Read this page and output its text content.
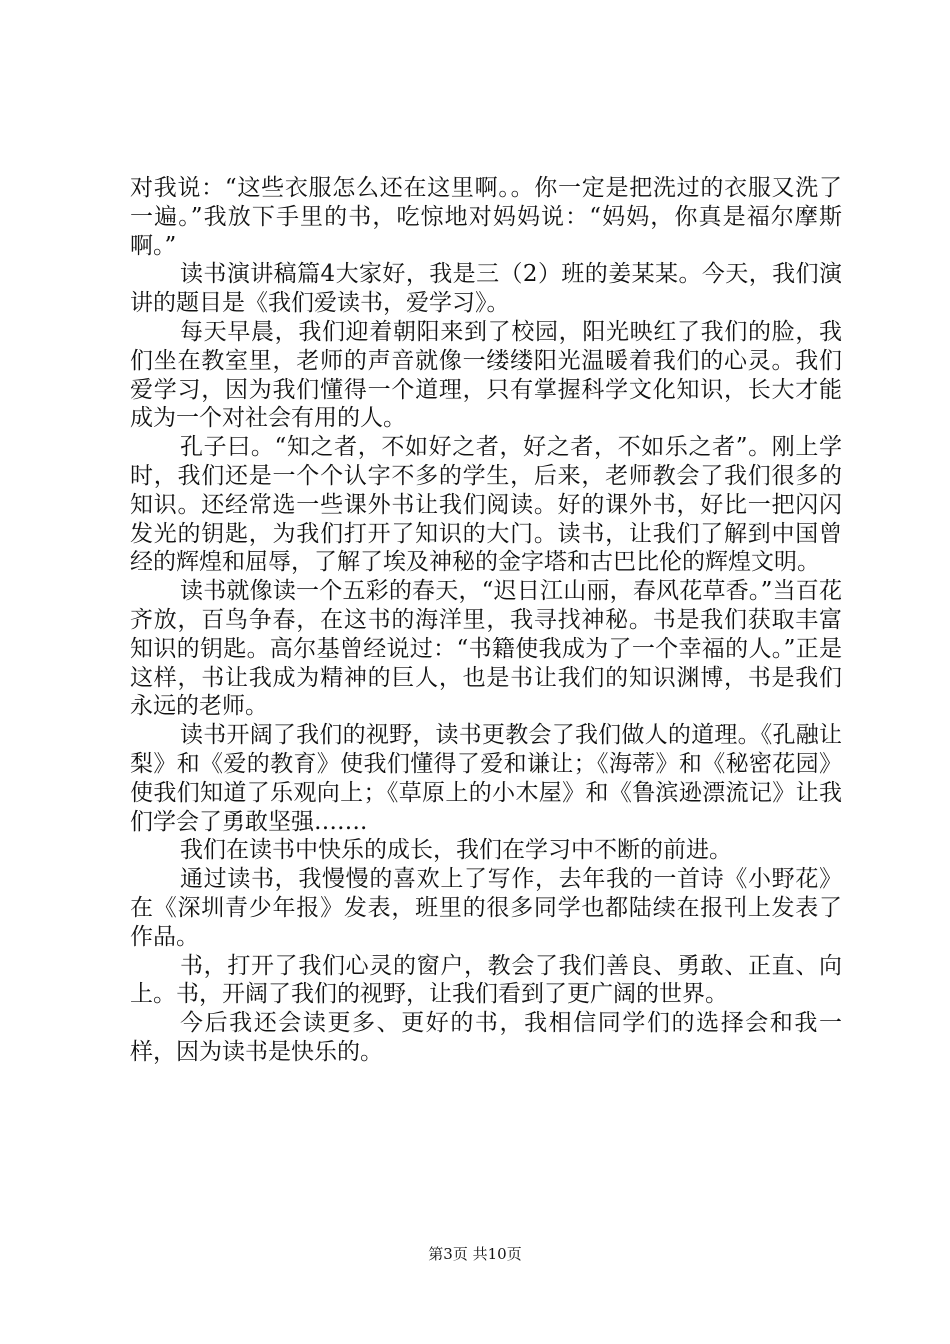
对我说：“这些衣服怎么还在这里啊。。你一定是把洗过的衣服又洗了一遍。”我放下手里的书，吃惊地对妈妈说：“妈妈，你真是福尔摩斯啊。”

读书演讲稿篇4大家好，我是三（2）班的姜某某。今天，我们演讲的题目是《我们爱读书，爱学习》。

每天早晨，我们迎着朝阳来到了校园，阳光映红了我们的脸，我们坐在教室里，老师的声音就像一缕缕阳光温暖着我们的心灵。我们爱学习，因为我们懂得一个道理，只有掌握科学文化知识，长大才能成为一个对社会有用的人。

孔子曰。“知之者，不如好之者，好之者，不如乐之者”。刚上学时，我们还是一个个认字不多的学生，后来，老师教会了我们很多的知识。还经常选一些课外书让我们阅读。好的课外书，好比一把闪闪发光的钥匙，为我们打开了知识的大门。读书，让我们了解到中国曾经的辉煌和屈辱，了解了埃及神秘的金字塔和古巴比伦的辉煌文明。

读书就像读一个五彩的春天，“迟日江山丽，春风花草香。”当百花齐放，百鸟争春，在这书的海洋里，我寻找神秘。书是我们获取丰富知识的钥匙。高尔基曾经说过：“书籍使我成为了一个幸福的人。”正是这样，书让我成为精神的巨人，也是书让我们的知识渊博，书是我们永远的老师。

读书开阔了我们的视野，读书更教会了我们做人的道理。《孔融让梨》和《爱的教育》使我们懂得了爱和谦让；《海蒂》和《秘密花园》使我们知道了乐观向上；《草原上的小木屋》和《鲁滨逊漂流记》让我们学会了勇敢坚强…….

我们在读书中快乐的成长，我们在学习中不断的前进。

通过读书，我慢慢的喜欢上了写作，去年我的一首诗《小野花》在《深圳青少年报》发表，班里的很多同学也都陆续在报刊上发表了作品。

书，打开了我们心灵的窗户，教会了我们善良、勇敢、正直、向上。书，开阔了我们的视野，让我们看到了更广阔的世界。

今后我还会读更多、更好的书，我相信同学们的选择会和我一样，因为读书是快乐的。

第3页 共10页
